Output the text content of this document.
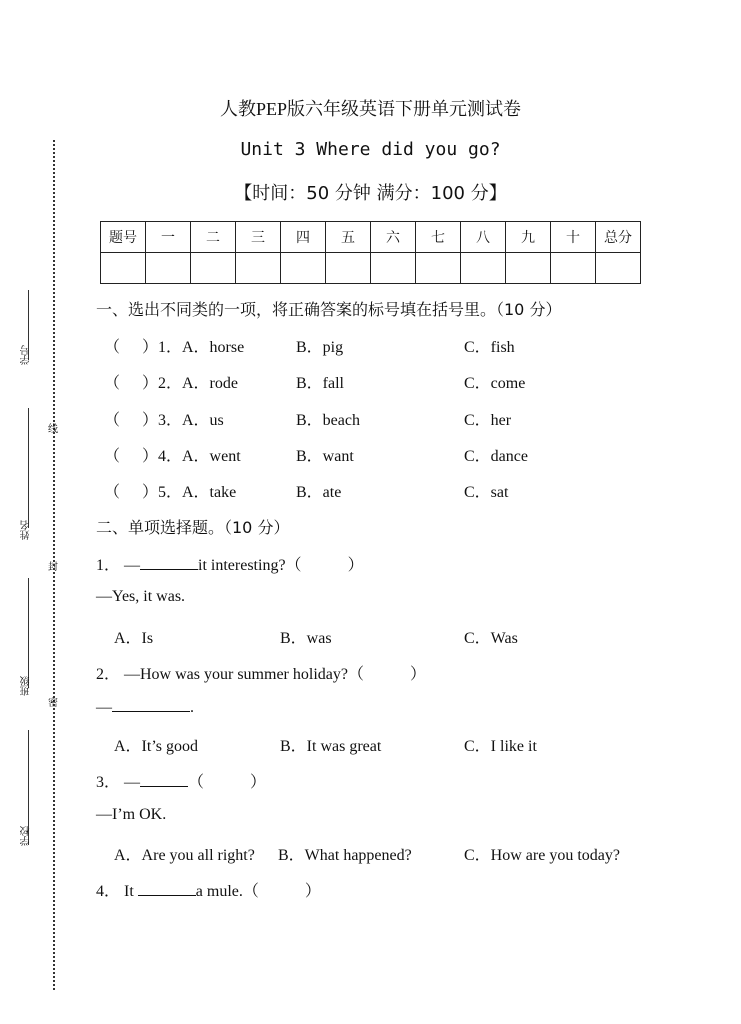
人教PEP版六年级英语下册单元测试卷
Unit 3 Where did you go?
【时间：50 分钟 满分：100 分】
题号	一	二	三	四	五	六	七	八	九	十	总分

学号
姓名
班级
学校
线
封
密
一、选出不同类的一项，将正确答案的标号填在括号里。（10 分）
（ ）1．A．horse	B．pig	C．fish
（ ）2．A．rode	B．fall	C．come
（ ）3．A．us	B．beach	C．her
（ ）4．A．went	B．want	C．dance
（ ）5．A．take	B．ate	C．sat
二、单项选择题。（10 分）
1． —	it interesting?（	）
—Yes, it was.
A．Is	B．was	C．Was
2． —How was your summer holiday?（	）
—	.
A．It’s good	B．It was great	C．I like it
3． —	（	）
—I’m OK.
A．Are you all right? B．What happened?	C．How are you today?
4． It	a mule.（	）
